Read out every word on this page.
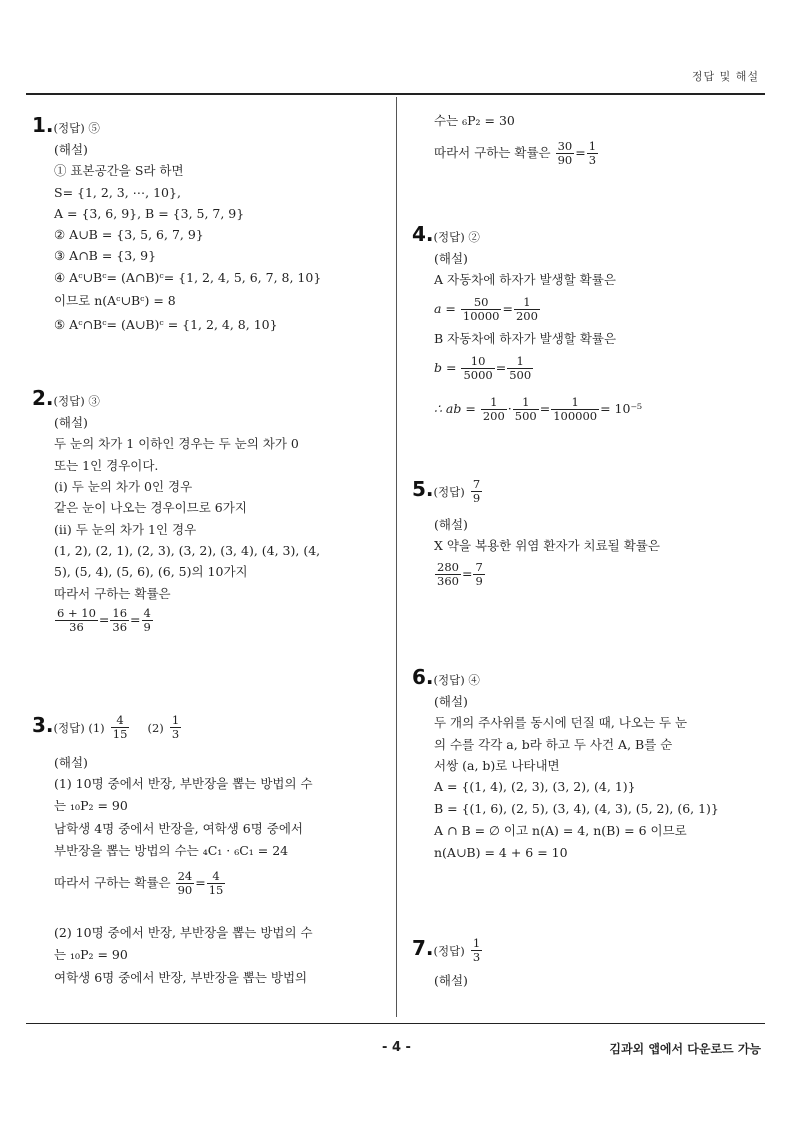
정답 및 해설
1.(정답) ⑤
(해설)
① 표본공간을 S라 하면
S= {1, 2, 3, ⋯, 10},
A = {3, 6, 9}, B = {3, 5, 7, 9}
② A∪B = {3, 5, 6, 7, 9}
③ A∩B = {3, 9}
④ Aᶜ∪Bᶜ= (A∩B)ᶜ= {1, 2, 4, 5, 6, 7, 8, 10}
이므로 n(Aᶜ∪Bᶜ) = 8
⑤ Aᶜ∩Bᶜ= (A∪B)ᶜ = {1, 2, 4, 8, 10}
2.(정답) ③
(해설)
두 눈의 차가 1 이하인 경우는 두 눈의 차가 0
또는 1인 경우이다.
(ⅰ) 두 눈의 차가 0인 경우
같은 눈이 나오는 경우이므로 6가지
(ⅱ) 두 눈의 차가 1인 경우
(1, 2), (2, 1), (2, 3), (3, 2), (3, 4), (4, 3), (4,
5), (5, 4), (5, 6), (6, 5)의 10가지
따라서 구하는 확률은
$\frac{6 + 10}{36} = \frac{16}{36} = \frac{4}{9}$
3.(정답) $(1) \frac{4}{15} (2) \frac{1}{3}$
(해설)
(1) 10명 중에서 반장, 부반장을 뽑는 방법의 수
는 ₁₀P₂ = 90
남학생 4명 중에서 반장을, 여학생 6명 중에서
부반장을 뽑는 방법의 수는 ₄C₁ · ₆C₁ = 24
따라서 구하는 확률은 $\frac{24}{90} = \frac{4}{15}$
(2) 10명 중에서 반장, 부반장을 뽑는 방법의 수
는 ₁₀P₂ = 90
여학생 6명 중에서 반장, 부반장을 뽑는 방법의
수는 ₆P₂ = 30
따라서 구하는 확률은 $\frac{30}{90} = \frac{1}{3}$
4.(정답) ②
(해설)
A 자동차에 하자가 발생할 확률은
$a = \frac{50}{10000} = \frac{1}{200}$
B 자동차에 하자가 발생할 확률은
$b = \frac{10}{5000} = \frac{1}{500}$
∴ ab = $\frac{1}{200} \cdot \frac{1}{500} = \frac{1}{100000} = 10^{-5}$
5.(정답) $\frac{7}{9}$
(해설)
X 약을 복용한 위염 환자가 치료될 확률은
$\frac{280}{360} = \frac{7}{9}$
6.(정답) ④
(해설)
두 개의 주사위를 동시에 던질 때, 나오는 두 눈
의 수를 각각 a, b라 하고 두 사건 A, B를 순
서쌍 (a, b)로 나타내면
A = {(1, 4), (2, 3), (3, 2), (4, 1)}
B = {(1, 6), (2, 5), (3, 4), (4, 3), (5, 2), (6, 1)}
A ∩ B = ∅ 이고 n(A) = 4, n(B) = 6 이므로
n(A∪B) = 4 + 6 = 10
7.(정답) $\frac{1}{3}$
(해설)
- 4 -	김과외 앱에서 다운로드 가능
